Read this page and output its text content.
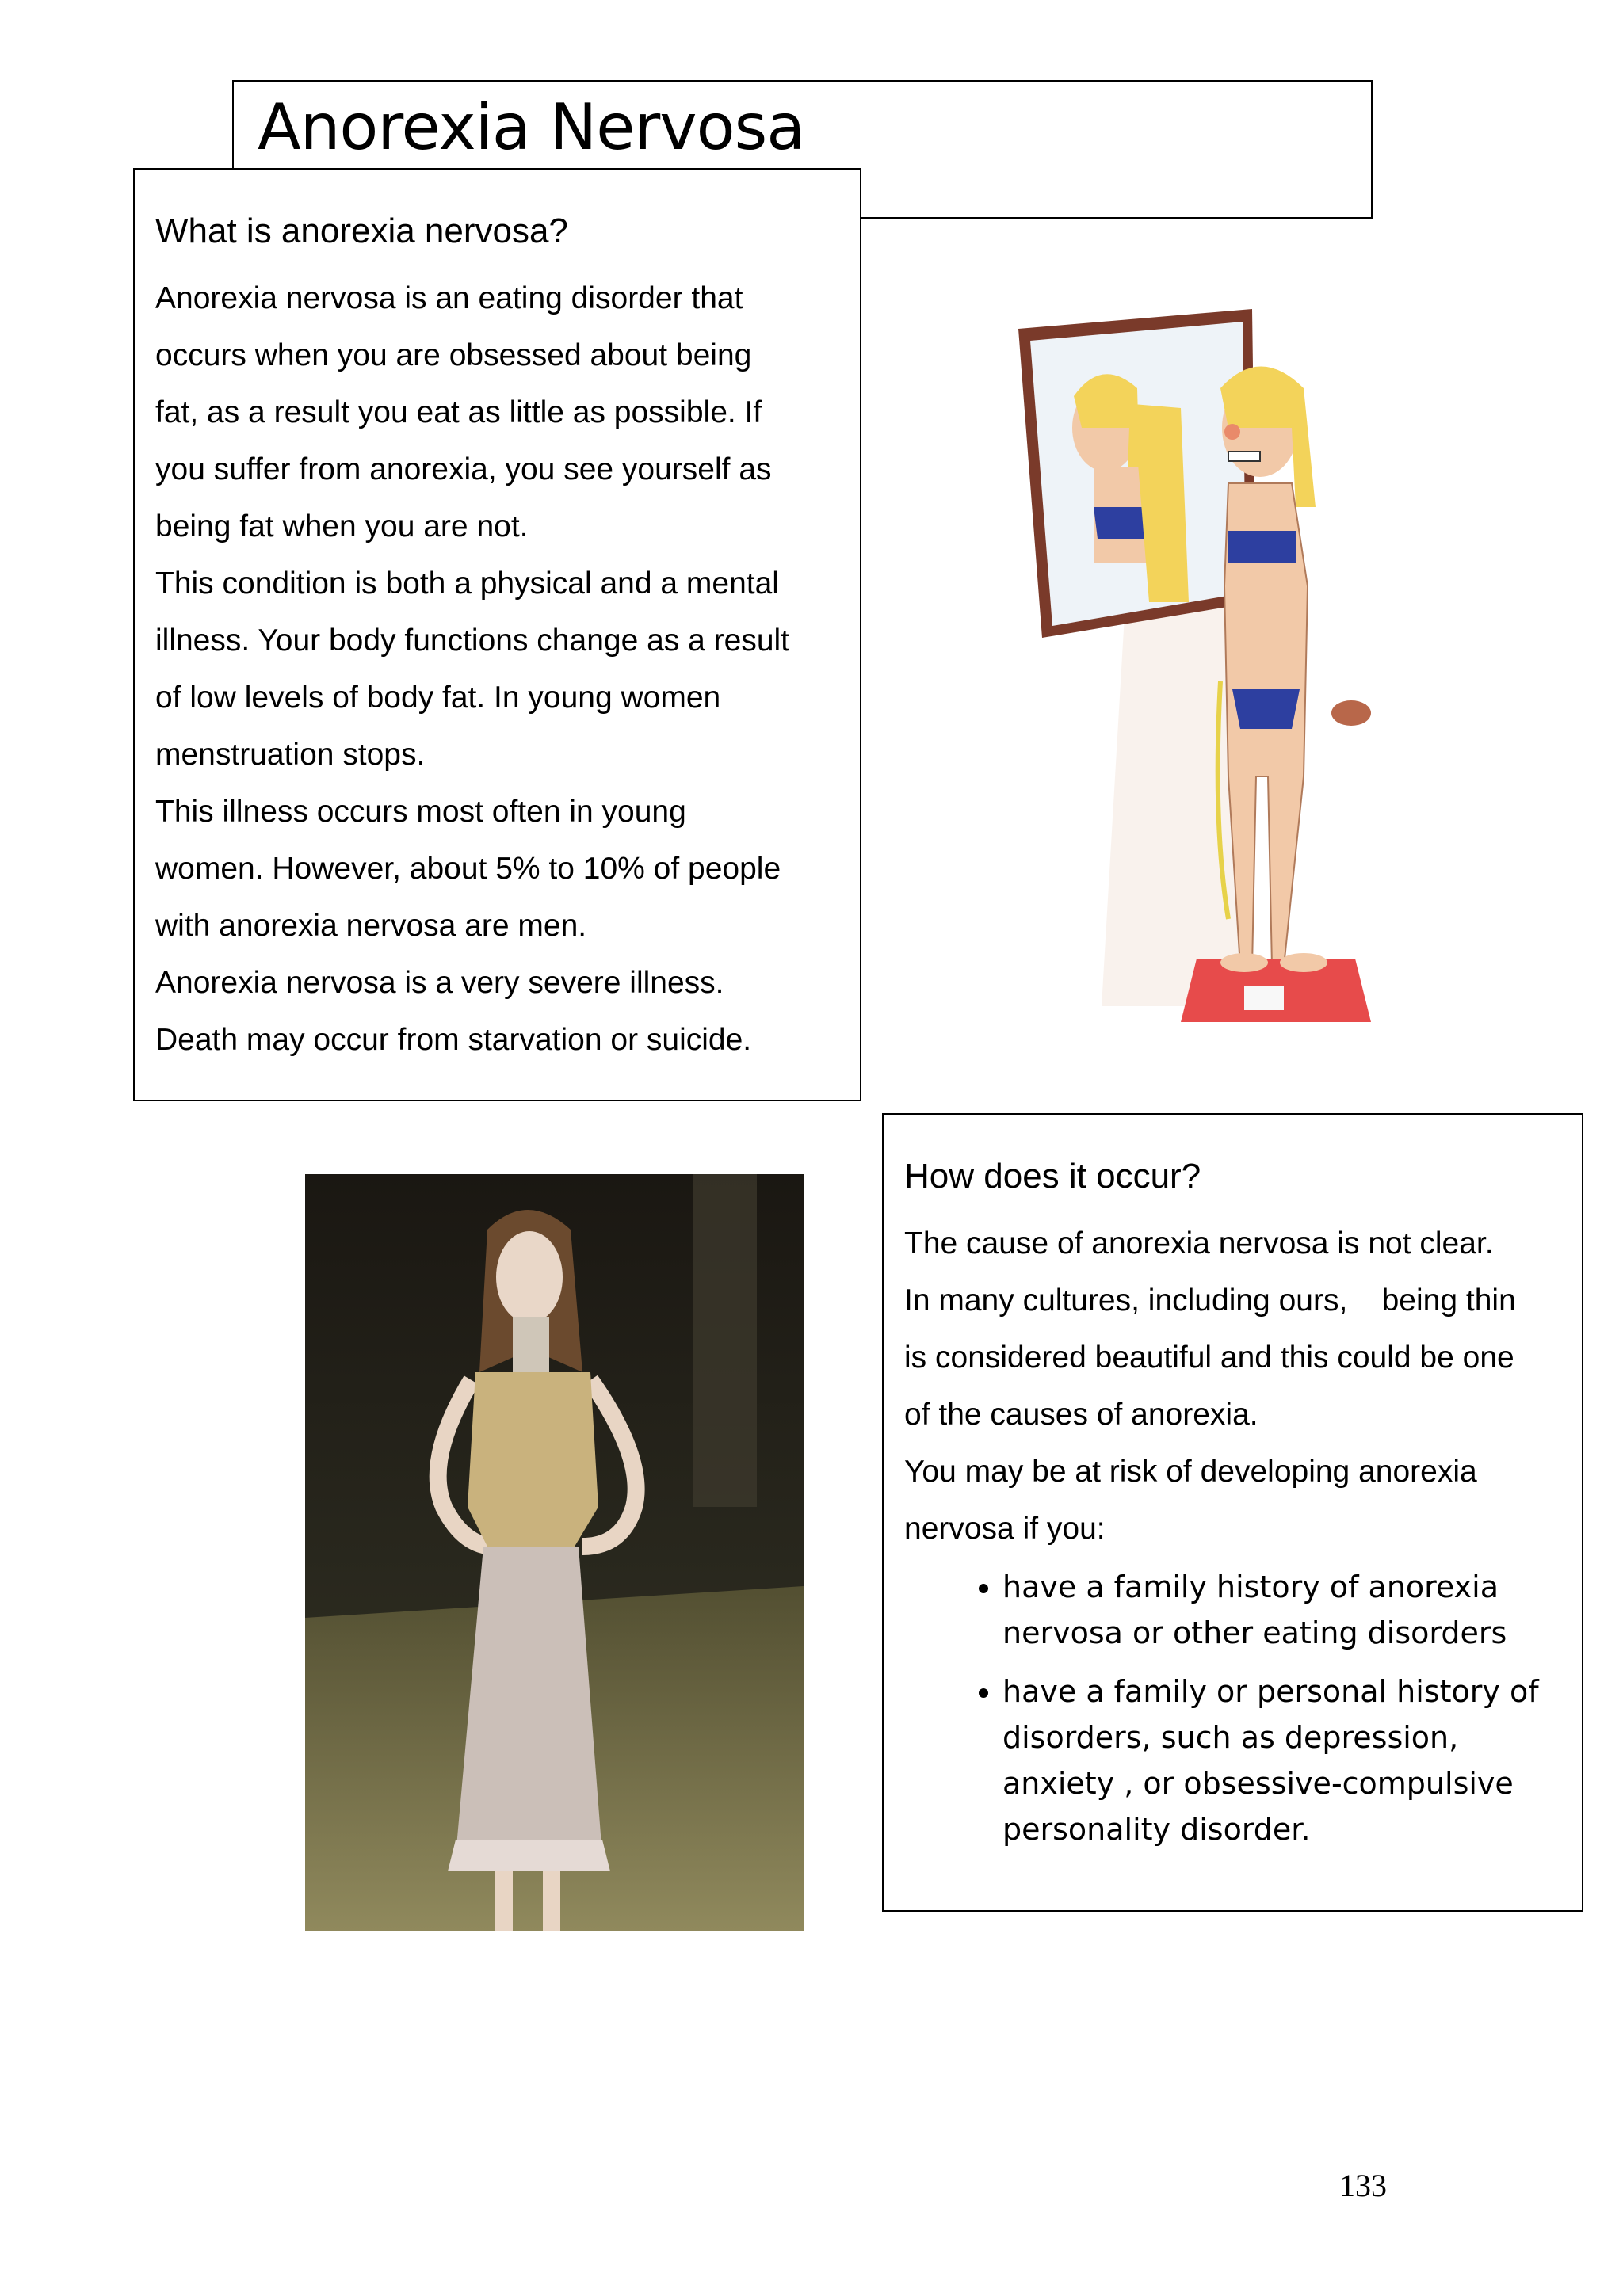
Anorexia Nervosa
What is anorexia nervosa?
Anorexia nervosa is an eating disorder that
occurs when you are obsessed about being
fat, as a result you eat as little as possible. If
you suffer from anorexia, you see yourself as
being fat when you are not.
This condition is both a physical and a mental
illness. Your body functions change as a result
of low levels of body fat. In young women
menstruation stops.
This illness occurs most often in young
women. However, about 5% to 10% of people
with anorexia nervosa are men.
Anorexia nervosa is a very severe illness.
Death may occur from starvation or suicide.
How does it occur?
The cause of anorexia nervosa is not clear.
In many cultures, including ours,    being thin
is considered beautiful and this could be one
of the causes of anorexia.
You may be at risk of developing anorexia
nervosa if you:
• have a family history of anorexia
nervosa or other eating disorders
• have a family or personal history of
disorders, such as depression,
anxiety , or obsessive-compulsive
personality disorder.
133
